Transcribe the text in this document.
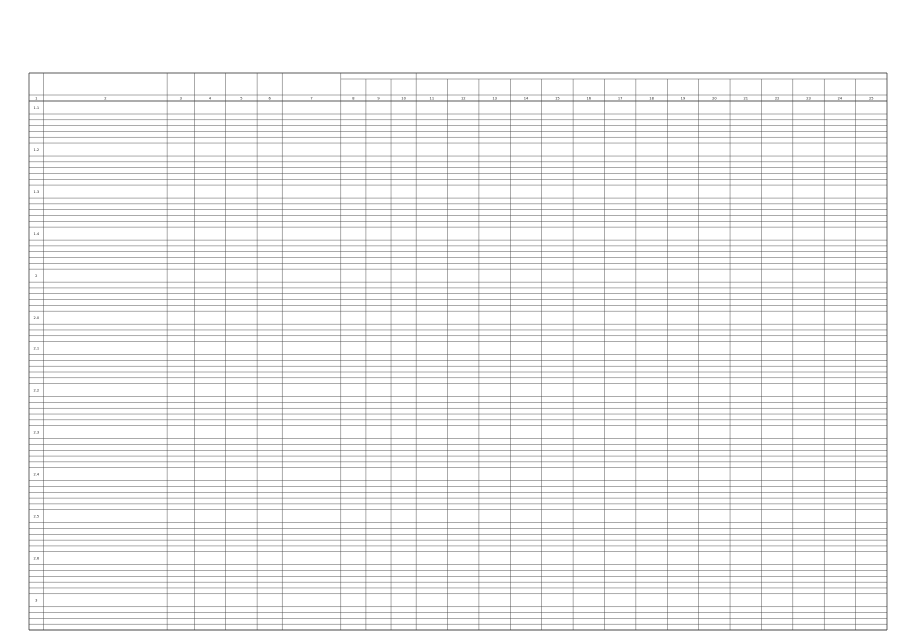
1	2	3	4	5	6	7	8	9	10	11	12	13	14	15	16	17	18	19	20	21	22	23	24	25
1.1
1.2
1.3
1.4
2
2.0
2.1
2.2
2.3
2.4
2.5
2.6
3
